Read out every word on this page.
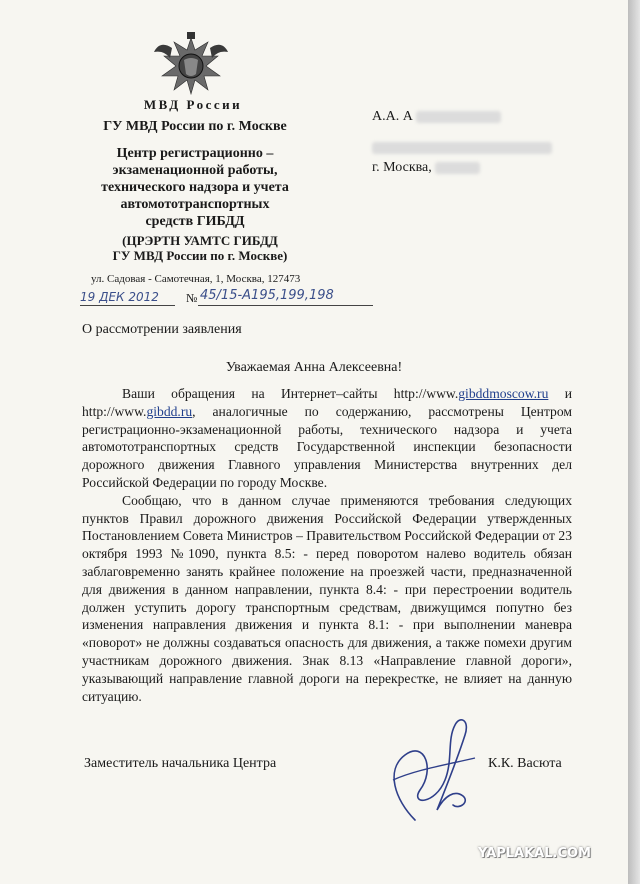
МВД России
ГУ МВД России по г. Москве
Центр регистрационно –
экзаменационной работы,
технического надзора и учета
автомототранспортных
средств ГИБДД
(ЦРЭРТН УАМТС ГИБДД
ГУ МВД России по г. Москве)
ул. Садовая - Самотечная, 1, Москва, 127473
19 ДЕК 2012 № 45/15-А195,199,198
А.А. А
г. Москва,
О рассмотрении заявления
Уважаемая Анна Алексеевна!

Ваши обращения на Интернет–сайты http://www.gibddmoscow.ru и http://www.gibdd.ru, аналогичные по содержанию, рассмотрены Центром регистрационно-экзаменационной работы, технического надзора и учета автомототранспортных средств Государственной инспекции безопасности дорожного движения Главного управления Министерства внутренних дел Российской Федерации по городу Москве.

Сообщаю, что в данном случае применяются требования следующих пунктов Правил дорожного движения Российской Федерации утвержденных Постановлением Совета Министров – Правительством Российской Федерации от 23 октября 1993 №1090, пункта 8.5: - перед поворотом налево водитель обязан заблаговременно занять крайнее положение на проезжей части, предназначенной для движения в данном направлении, пункта 8.4: - при перестроении водитель должен уступить дорогу транспортным средствам, движущимся попутно без изменения направления движения и пункта 8.1: - при выполнении маневра «поворот» не должны создаваться опасность для движения, а также помехи другим участникам дорожного движения. Знак 8.13 «Направление главной дороги», указывающий направление главной дороги на перекрестке, не влияет на данную ситуацию.

Заместитель начальника Центра	К.К. Васюта
YAPLAKAL.COM
